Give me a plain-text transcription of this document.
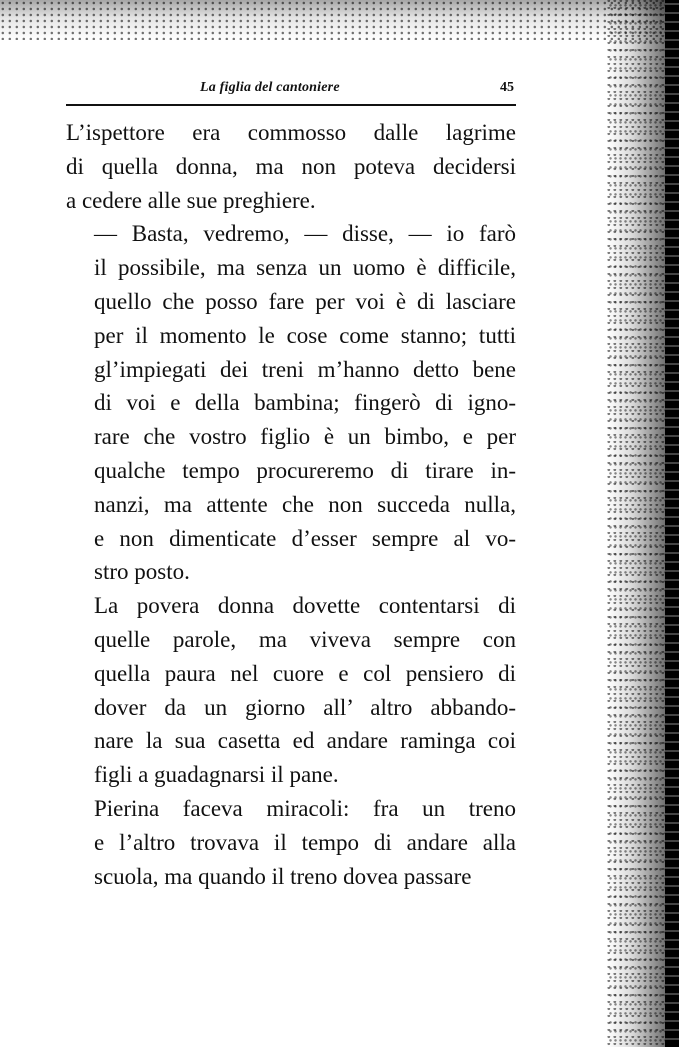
La figlia del cantoniere	45
L’ispettore era commosso dalle lagrime
di quella donna, ma non poteva decidersi
a cedere alle sue preghiere.
— Basta, vedremo, — disse, — io farò
il possibile, ma senza un uomo è difficile,
quello che posso fare per voi è di lasciare
per il momento le cose come stanno; tutti
gl’impiegati dei treni m’hanno detto bene
di voi e della bambina; fingerò di igno-
rare che vostro figlio è un bimbo, e per
qualche tempo procureremo di tirare in-
nanzi, ma attente che non succeda nulla,
e non dimenticate d’esser sempre al vo-
stro posto.
La povera donna dovette contentarsi di
quelle parole, ma viveva sempre con
quella paura nel cuore e col pensiero di
dover da un giorno all’ altro abbando-
nare la sua casetta ed andare raminga coi
figli a guadagnarsi il pane.
Pierina faceva miracoli: fra un treno
e l’altro trovava il tempo di andare alla
scuola, ma quando il treno dovea passare
